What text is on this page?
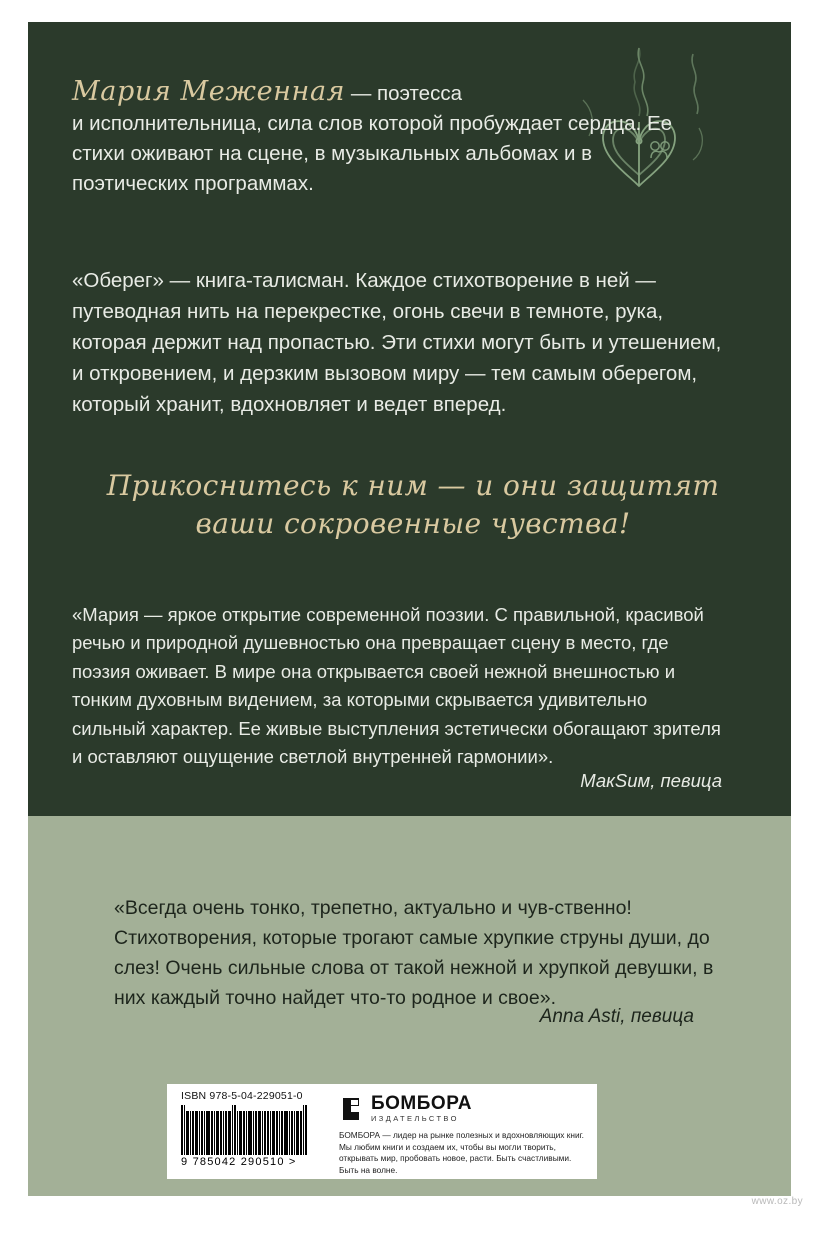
Мария Меженная — поэтесса
и исполнительница, сила слов которой пробуждает сердца. Ее стихи оживают на сцене, в музыкальных альбомах и в поэтических программах.

«Оберег» — книга-талисман. Каждое стихотворение в ней — путеводная нить на перекрестке, огонь свечи в темноте, рука, которая держит над пропастью. Эти стихи могут быть и утешением, и откровением, и дерзким вызовом миру — тем самым оберегом, который хранит, вдохновляет и ведет вперед.

Прикоснитесь к ним — и они защитят
ваши сокровенные чувства!

«Мария — яркое открытие современной поэзии. С правильной, красивой речью и природной душевностью она превращает сцену в место, где поэзия оживает. В мире она открывается своей нежной внешностью и тонким духовным видением, за которыми скрывается удивительно сильный характер. Ее живые выступления эстетически обогащают зрителя и оставляют ощущение светлой внутренней гармонии».

МакSим, певица

«Всегда очень тонко, трепетно, актуально и чув-ственно! Стихотворения, которые трогают самые хрупкие струны души, до слез! Очень сильные слова от такой нежной и хрупкой девушки, в них каждый точно найдет что-то родное и свое».

Anna Asti, певица
ISBN 978-5-04-229051-0
9 785042 290510 >
БОМБОРА
ИЗДАТЕЛЬСТВО
БОМБОРА — лидер на рынке полезных и вдохновляющих книг. Мы любим книги и создаем их, чтобы вы могли творить, открывать мир, пробовать новое, расти. Быть счастливыми. Быть на волне.
www.oz.by
